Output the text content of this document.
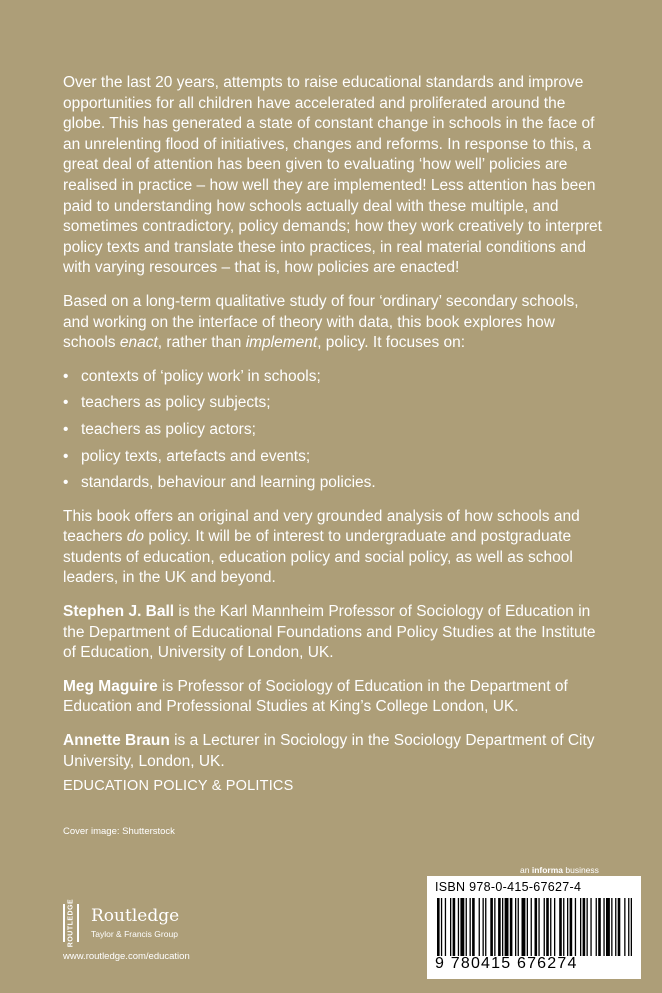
Over the last 20 years, attempts to raise educational standards and improve opportunities for all children have accelerated and proliferated around the globe. This has generated a state of constant change in schools in the face of an unrelenting flood of initiatives, changes and reforms. In response to this, a great deal of attention has been given to evaluating ‘how well’ policies are realised in practice – how well they are implemented! Less attention has been paid to understanding how schools actually deal with these multiple, and sometimes contradictory, policy demands; how they work creatively to interpret policy texts and translate these into practices, in real material conditions and with varying resources – that is, how policies are enacted!

Based on a long-term qualitative study of four ‘ordinary’ secondary schools, and working on the interface of theory with data, this book explores how schools enact, rather than implement, policy. It focuses on:

• contexts of ‘policy work’ in schools;
• teachers as policy subjects;
• teachers as policy actors;
• policy texts, artefacts and events;
• standards, behaviour and learning policies.

This book offers an original and very grounded analysis of how schools and teachers do policy. It will be of interest to undergraduate and postgraduate students of education, education policy and social policy, as well as school leaders, in the UK and beyond.

Stephen J. Ball is the Karl Mannheim Professor of Sociology of Education in the Department of Educational Foundations and Policy Studies at the Institute of Education, University of London, UK.

Meg Maguire is Professor of Sociology of Education in the Department of Education and Professional Studies at King’s College London, UK.

Annette Braun is a Lecturer in Sociology in the Sociology Department of City University, London, UK.

EDUCATION POLICY & POLITICS
Cover image: Shutterstock
ROUTLEDGE Routledge
Taylor & Francis Group
www.routledge.com/education
an informa business
ISBN 978-0-415-67627-4
9 780415 676274
